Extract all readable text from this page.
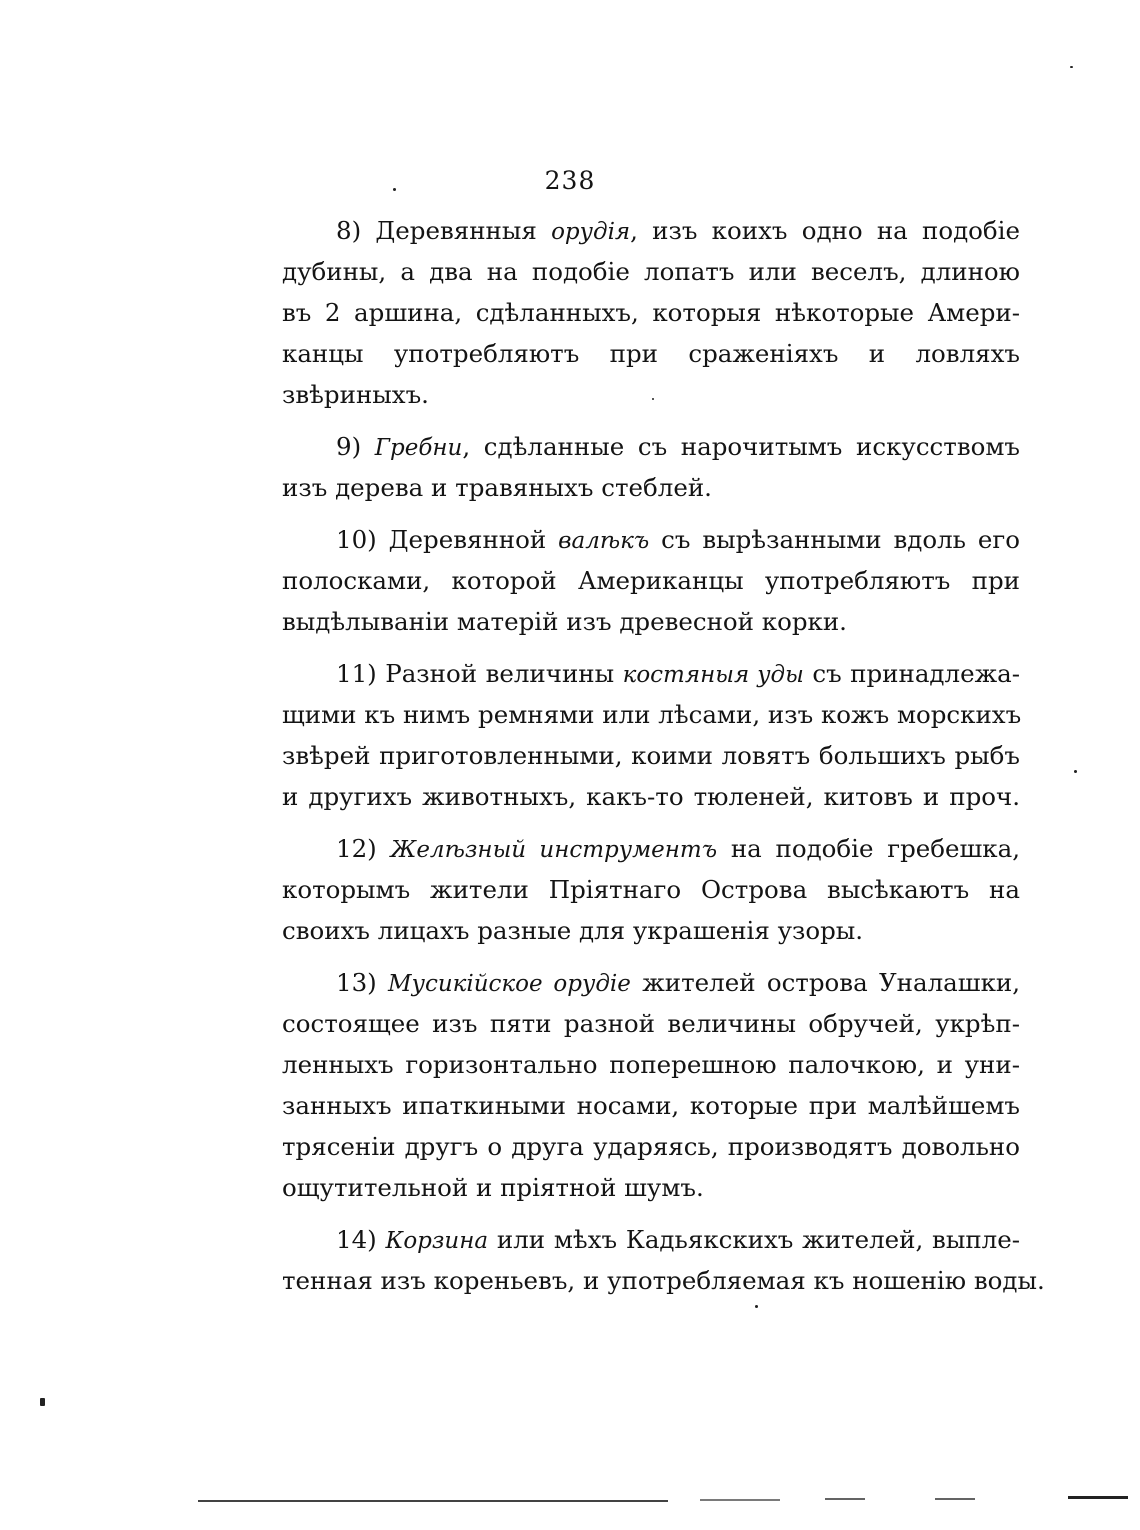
238
8) Деревянныя орудія, изъ коихъ одно на подобіе
дубины, а два на подобіе лопатъ или веселъ, длиною
въ 2 аршина, сдѣланныхъ, которыя нѣкоторые Амери-
канцы употребляютъ при сраженіяхъ и ловляхъ
звѣриныхъ.
9) Гребни, сдѣланные съ нарочитымъ искусствомъ
изъ дерева и травяныхъ стеблей.
10) Деревянной валѣкъ съ вырѣзанными вдоль его
полосками, которой Американцы употребляютъ при
выдѣлываніи матерій изъ древесной корки.
11) Разной величины костяныя уды съ принадлежа-
щими къ нимъ ремнями или лѣсами, изъ кожъ морскихъ
звѣрей приготовленными, коими ловятъ большихъ рыбъ
и другихъ животныхъ, какъ-то тюленей, китовъ и проч.
12) Желѣзный инструментъ на подобіе гребешка,
которымъ жители Пріятнаго Острова высѣкаютъ на
своихъ лицахъ разные для украшенія узоры.
13) Мусикійское орудіе жителей острова Уналашки,
состоящее изъ пяти разной величины обручей, укрѣп-
ленныхъ горизонтально поперешною палочкою, и уни-
занныхъ ипаткиными носами, которые при малѣйшемъ
трясеніи другъ о друга ударяясь, производятъ довольно
ощутительной и пріятной шумъ.
14) Корзина или мѣхъ Кадьякскихъ жителей, выпле-
тенная изъ кореньевъ, и употребляемая къ ношенію воды.
